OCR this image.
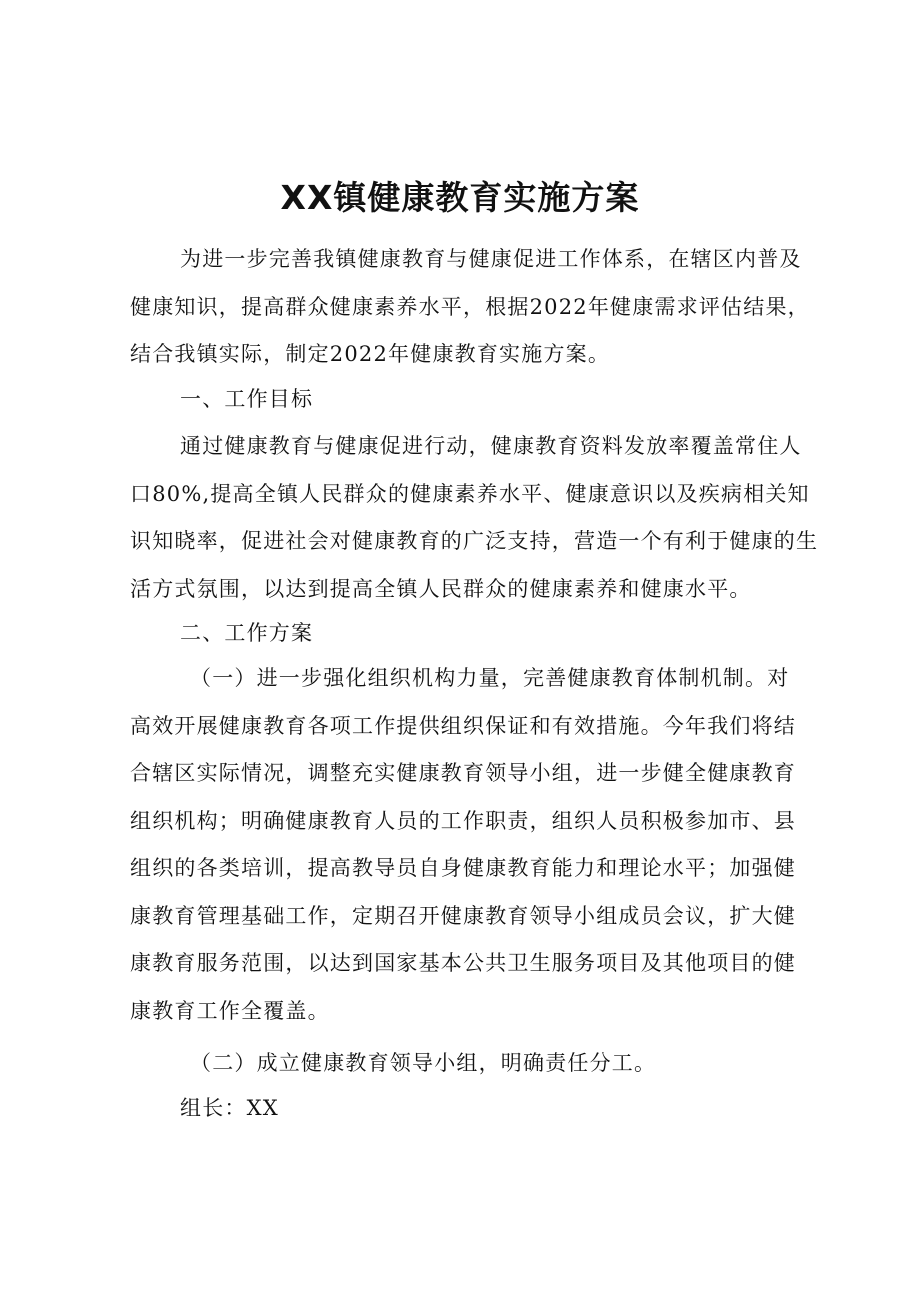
XX镇健康教育实施方案

为进一步完善我镇健康教育与健康促进工作体系，在辖区内普及
健康知识，提高群众健康素养水平，根据2022年健康需求评估结果，
结合我镇实际，制定2022年健康教育实施方案。

一、工作目标

通过健康教育与健康促进行动，健康教育资料发放率覆盖常住人
口80%,提高全镇人民群众的健康素养水平、健康意识以及疾病相关知
识知晓率，促进社会对健康教育的广泛支持，营造一个有利于健康的生
活方式氛围，以达到提高全镇人民群众的健康素养和健康水平。

二、工作方案

（一）进一步强化组织机构力量，完善健康教育体制机制。对
高效开展健康教育各项工作提供组织保证和有效措施。今年我们将结
合辖区实际情况，调整充实健康教育领导小组，进一步健全健康教育
组织机构；明确健康教育人员的工作职责，组织人员积极参加市、县
组织的各类培训，提高教导员自身健康教育能力和理论水平；加强健
康教育管理基础工作，定期召开健康教育领导小组成员会议，扩大健
康教育服务范围，以达到国家基本公共卫生服务项目及其他项目的健
康教育工作全覆盖。

（二）成立健康教育领导小组，明确责任分工。

组长：XX
